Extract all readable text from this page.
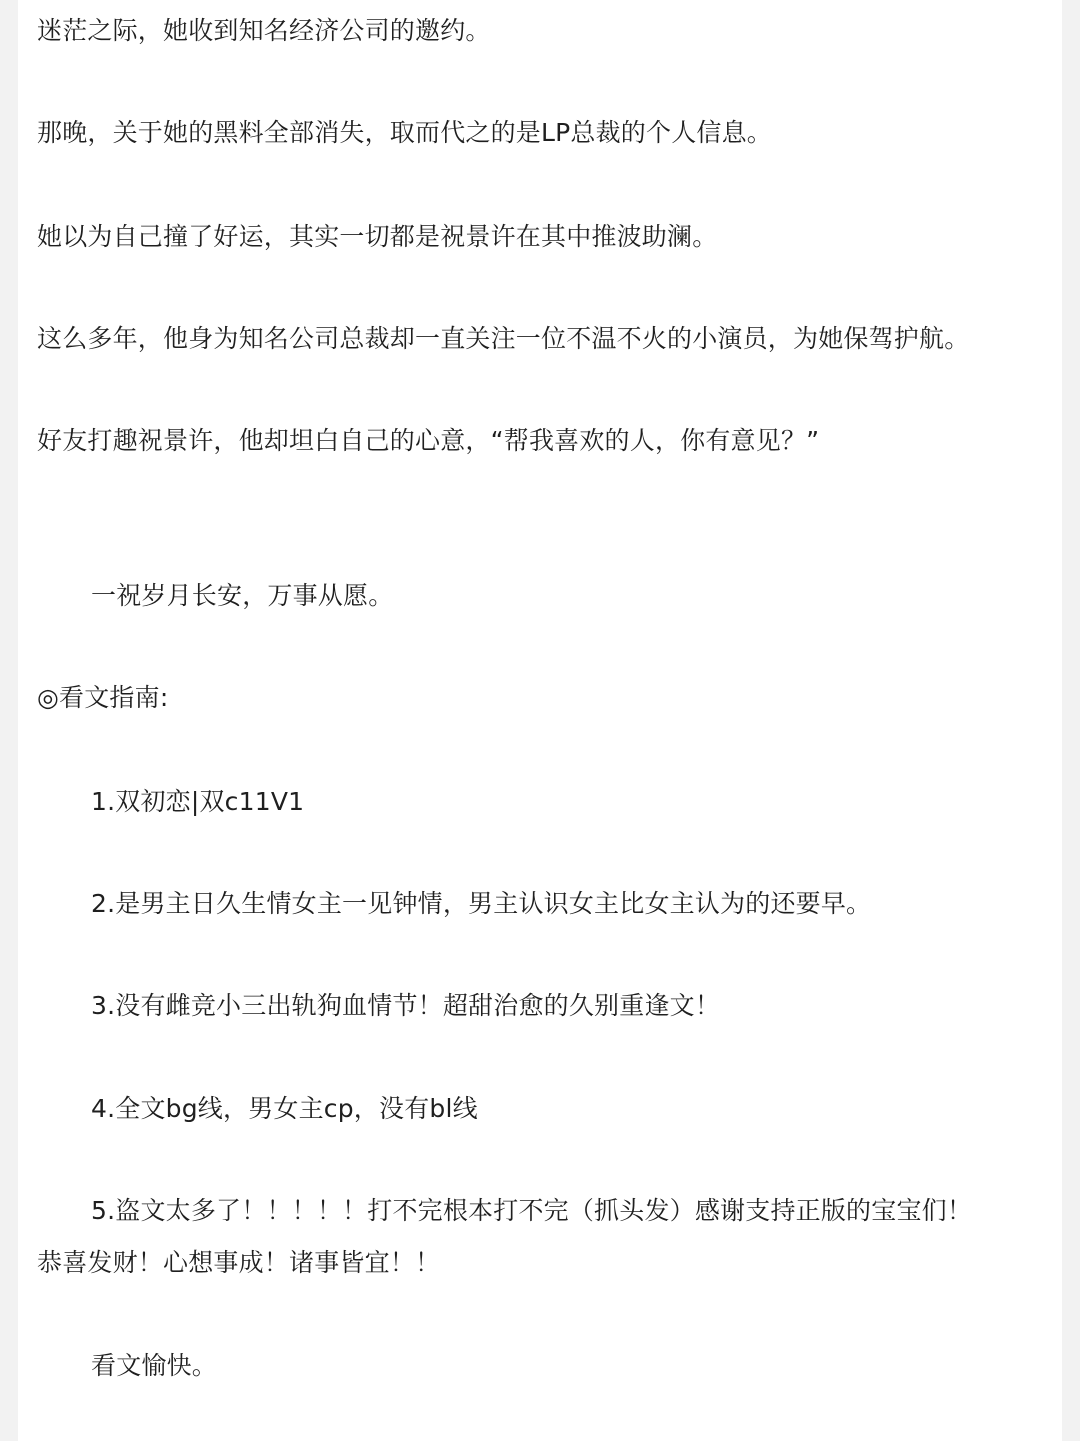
迷茫之际，她收到知名经济公司的邀约。

那晚，关于她的黑料全部消失，取而代之的是LP总裁的个人信息。

她以为自己撞了好运，其实一切都是祝景许在其中推波助澜。

这么多年，他身为知名公司总裁却一直关注一位不温不火的小演员，为她保驾护航。

好友打趣祝景许，他却坦白自己的心意，“帮我喜欢的人，你有意见？”

一祝岁月长安，万事从愿。

◎看文指南:

1.双初恋|双c11V1

2.是男主日久生情女主一见钟情，男主认识女主比女主认为的还要早。

3.没有雌竞小三出轨狗血情节！超甜治愈的久别重逢文！

4.全文bg线，男女主cp，没有bl线

5.盗文太多了！！！！！打不完根本打不完（抓头发）感谢支持正版的宝宝们！

恭喜发财！心想事成！诸事皆宜！！

看文愉快。
